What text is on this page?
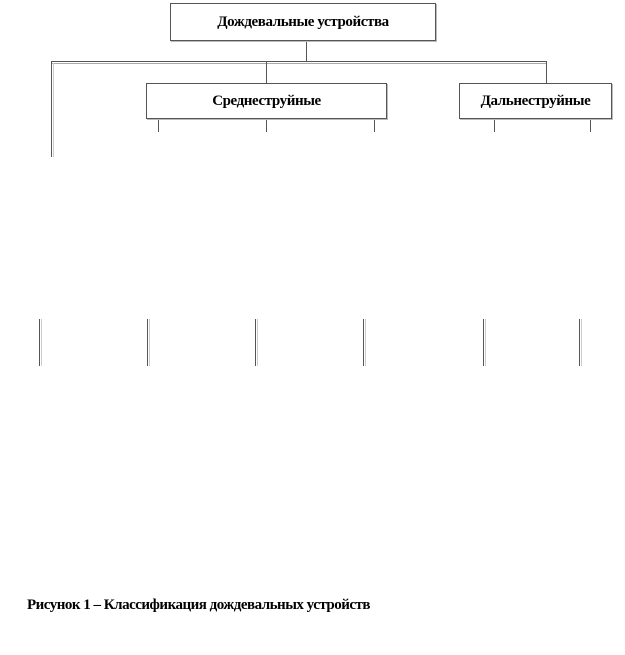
Дождевальные устройства
Среднеструйные	Дальнеструйные
Рисунок 1 – Классификация дождевальных устройств
